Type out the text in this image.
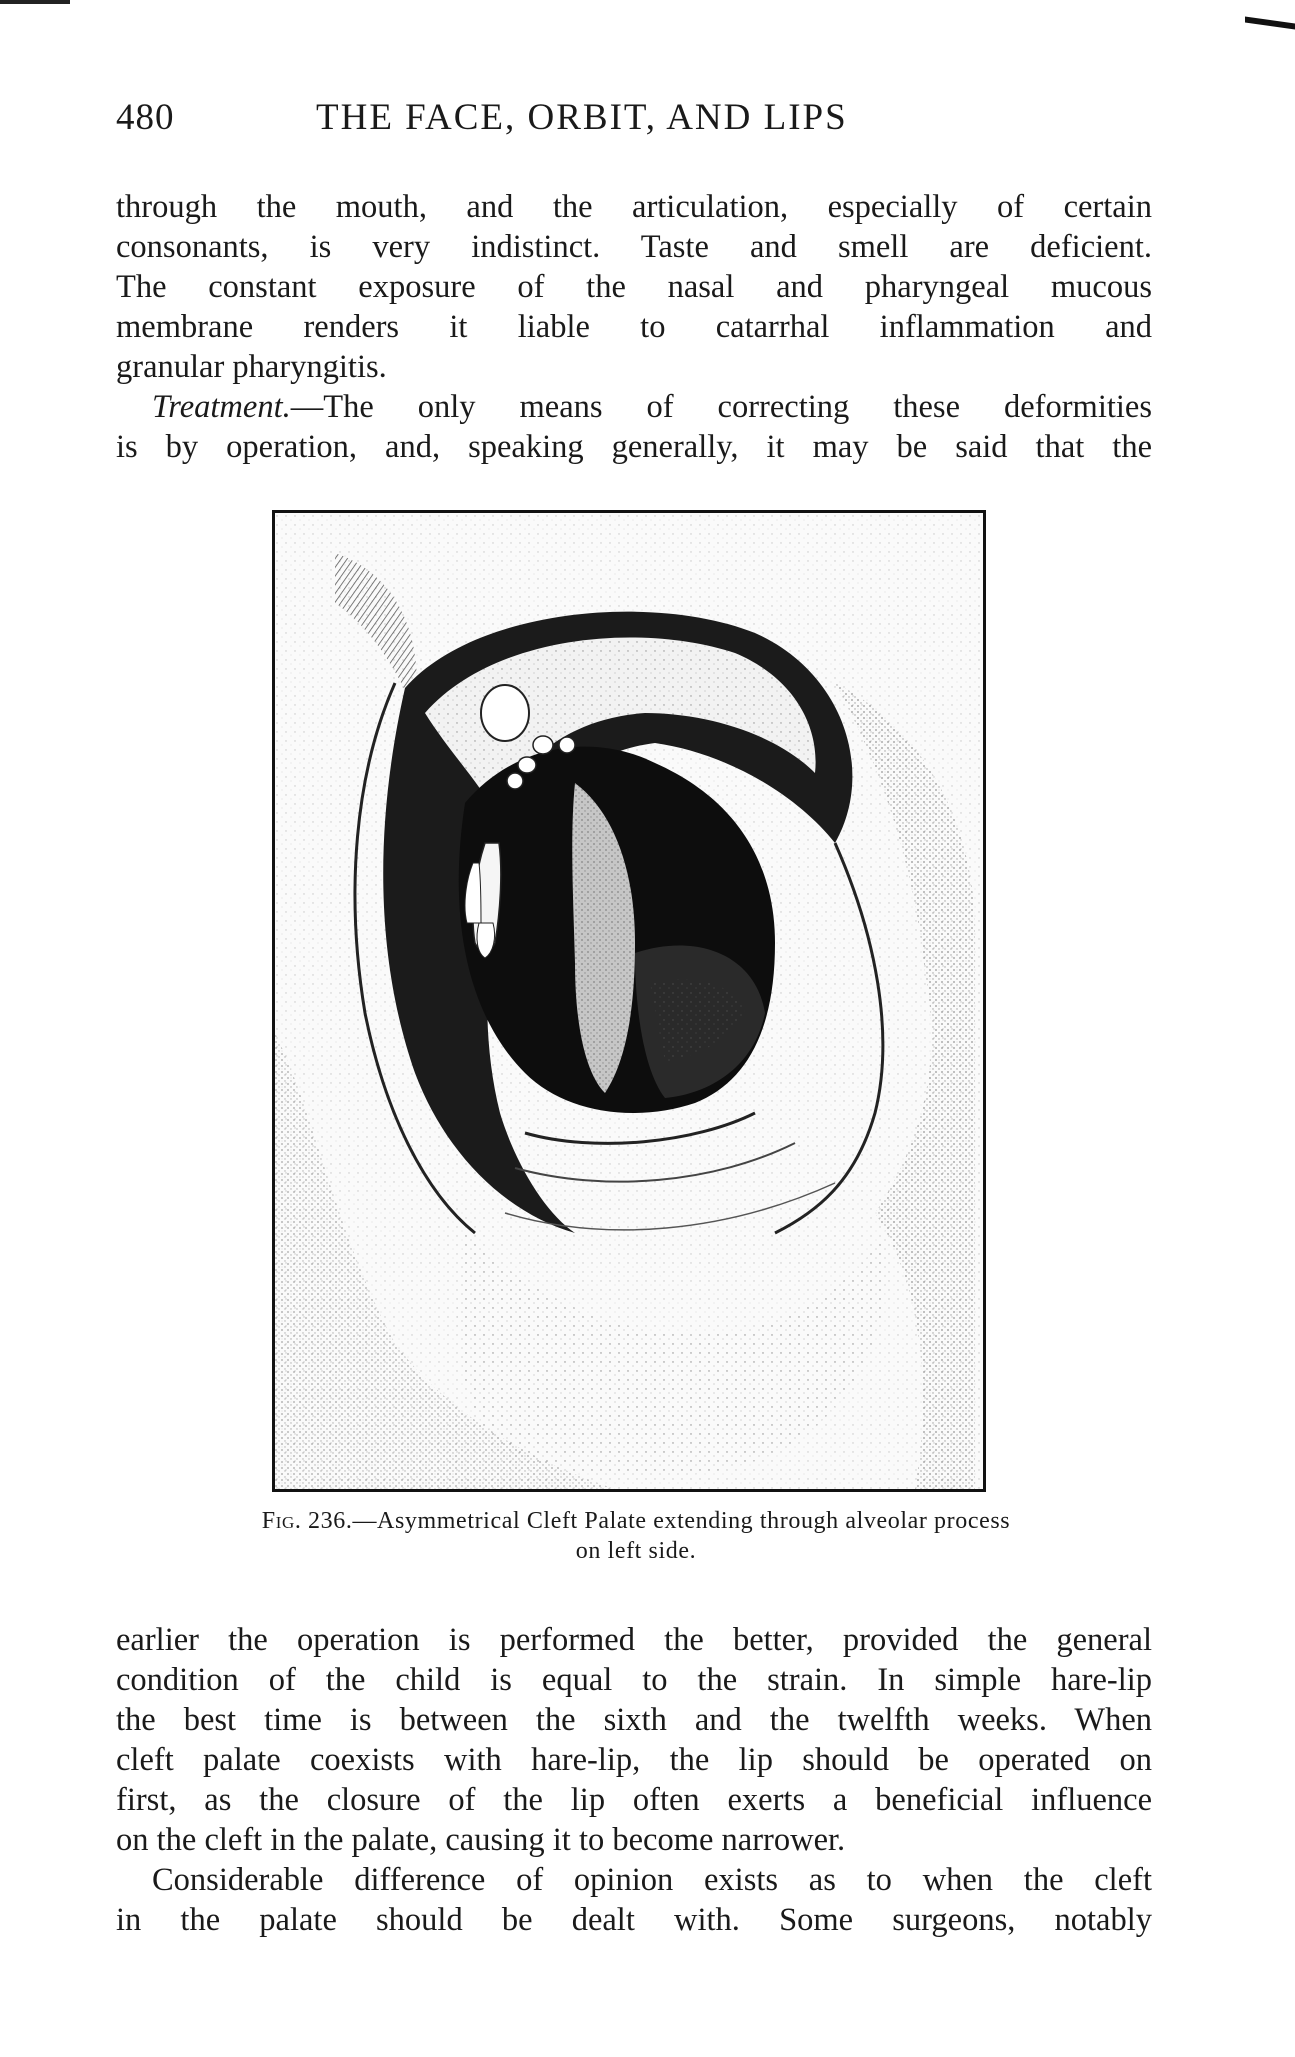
480	THE FACE, ORBIT, AND LIPS
through the mouth, and the articulation, especially of certain
consonants, is very indistinct. Taste and smell are deficient.
The constant exposure of the nasal and pharyngeal mucous
membrane renders it liable to catarrhal inflammation and
granular pharyngitis.
Treatment.—The only means of correcting these deformities
is by operation, and, speaking generally, it may be said that the
Fig. 236.—Asymmetrical Cleft Palate extending through alveolar process
on left side.
earlier the operation is performed the better, provided the general
condition of the child is equal to the strain. In simple hare-lip
the best time is between the sixth and the twelfth weeks. When
cleft palate coexists with hare-lip, the lip should be operated on
first, as the closure of the lip often exerts a beneficial influence
on the cleft in the palate, causing it to become narrower.
Considerable difference of opinion exists as to when the cleft
in the palate should be dealt with. Some surgeons, notably
